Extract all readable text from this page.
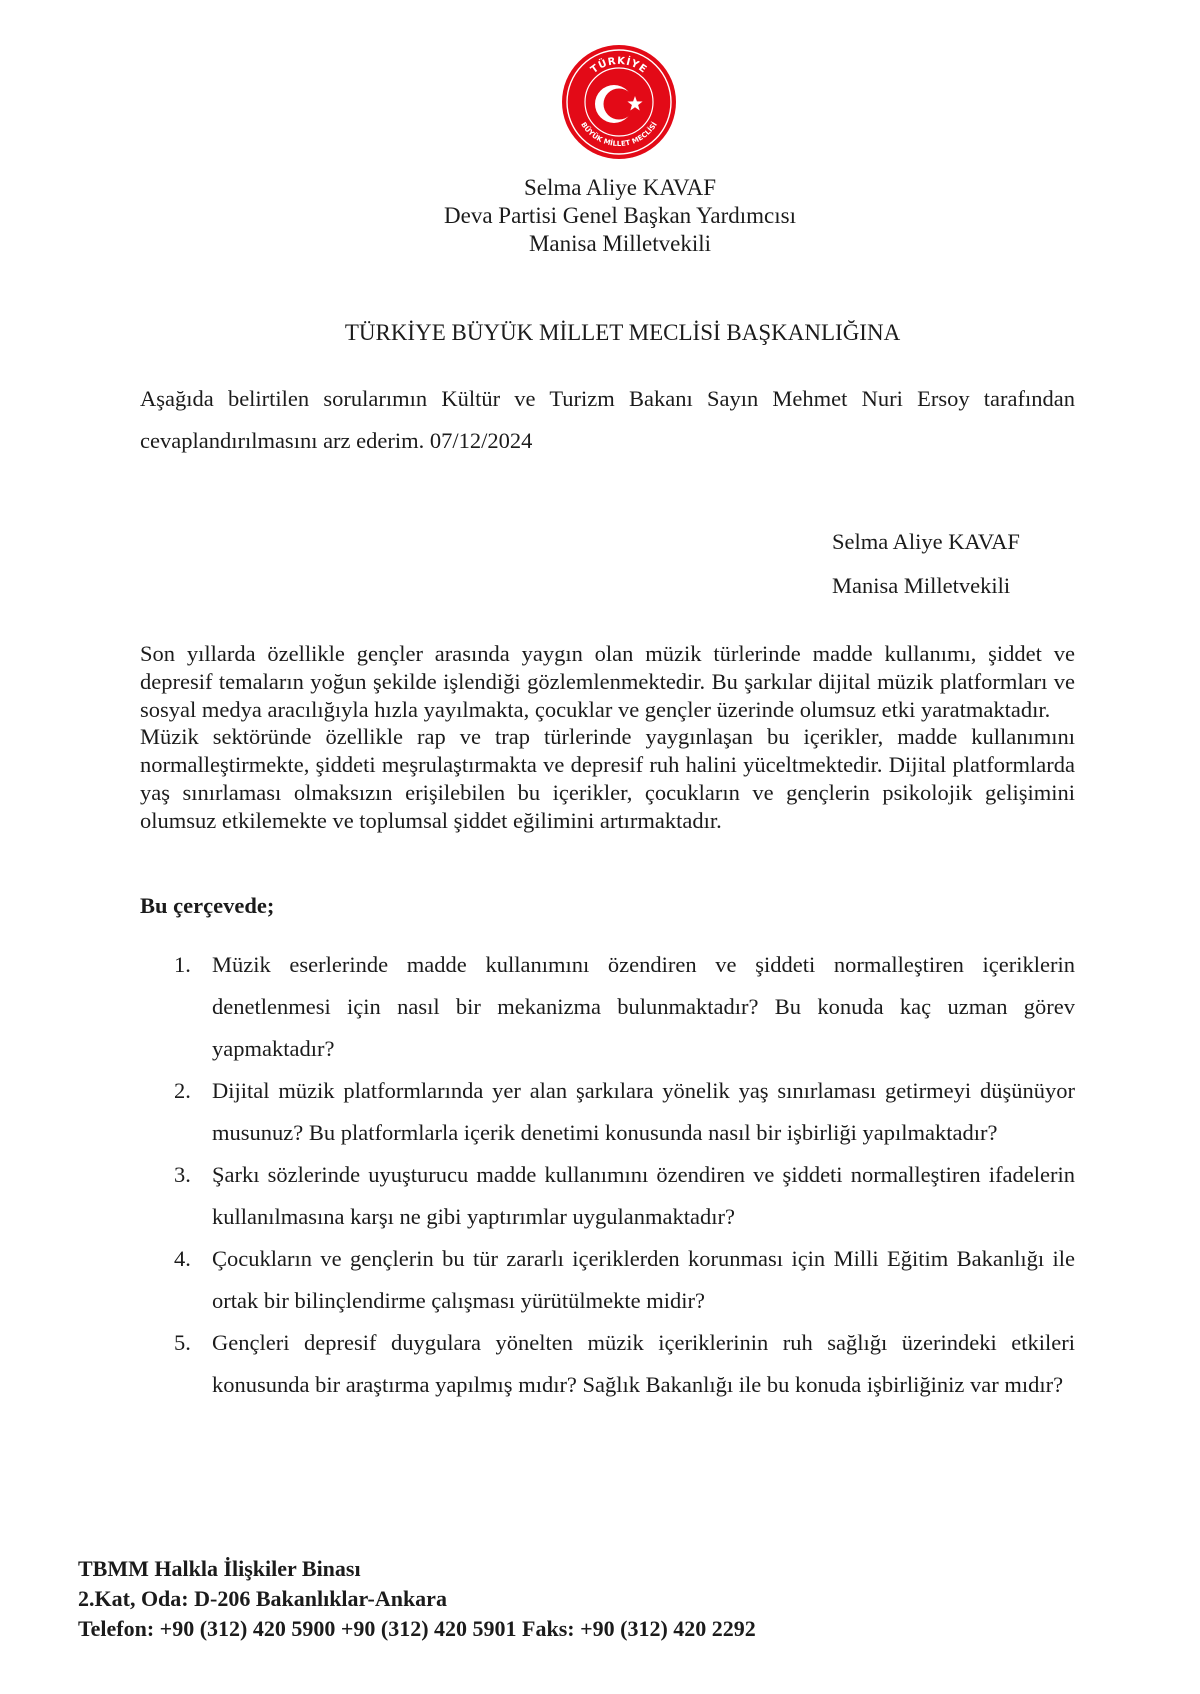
TÜRKİYE
BÜYÜK MİLLET MECLİSİ
Selma Aliye KAVAF
Deva Partisi Genel Başkan Yardımcısı
Manisa Milletvekili
TÜRKİYE BÜYÜK MİLLET MECLİSİ BAŞKANLIĞINA
Aşağıda belirtilen sorularımın Kültür ve Turizm Bakanı Sayın Mehmet Nuri Ersoy tarafından cevaplandırılmasını arz ederim. 07/12/2024
Selma Aliye KAVAF
Manisa Milletvekili

Son yıllarda özellikle gençler arasında yaygın olan müzik türlerinde madde kullanımı, şiddet ve depresif temaların yoğun şekilde işlendiği gözlemlenmektedir. Bu şarkılar dijital müzik platformları ve sosyal medya aracılığıyla hızla yayılmakta, çocuklar ve gençler üzerinde olumsuz etki yaratmaktadır.

Müzik sektöründe özellikle rap ve trap türlerinde yaygınlaşan bu içerikler, madde kullanımını normalleştirmekte, şiddeti meşrulaştırmakta ve depresif ruh halini yüceltmektedir. Dijital platformlarda yaş sınırlaması olmaksızın erişilebilen bu içerikler, çocukların ve gençlerin psikolojik gelişimini olumsuz etkilemekte ve toplumsal şiddet eğilimini artırmaktadır.

Bu çerçevede;
1. Müzik eserlerinde madde kullanımını özendiren ve şiddeti normalleştiren içeriklerin denetlenmesi için nasıl bir mekanizma bulunmaktadır? Bu konuda kaç uzman görev yapmaktadır?
2. Dijital müzik platformlarında yer alan şarkılara yönelik yaş sınırlaması getirmeyi düşünüyor musunuz? Bu platformlarla içerik denetimi konusunda nasıl bir işbirliği yapılmaktadır?
3. Şarkı sözlerinde uyuşturucu madde kullanımını özendiren ve şiddeti normalleştiren ifadelerin kullanılmasına karşı ne gibi yaptırımlar uygulanmaktadır?
4. Çocukların ve gençlerin bu tür zararlı içeriklerden korunması için Milli Eğitim Bakanlığı ile ortak bir bilinçlendirme çalışması yürütülmekte midir?
5. Gençleri depresif duygulara yönelten müzik içeriklerinin ruh sağlığı üzerindeki etkileri konusunda bir araştırma yapılmış mıdır? Sağlık Bakanlığı ile bu konuda işbirliğiniz var mıdır?
TBMM Halkla İlişkiler Binası
2.Kat, Oda: D-206 Bakanlıklar-Ankara
Telefon: +90 (312) 420 5900 +90 (312) 420 5901 Faks: +90 (312) 420 2292
